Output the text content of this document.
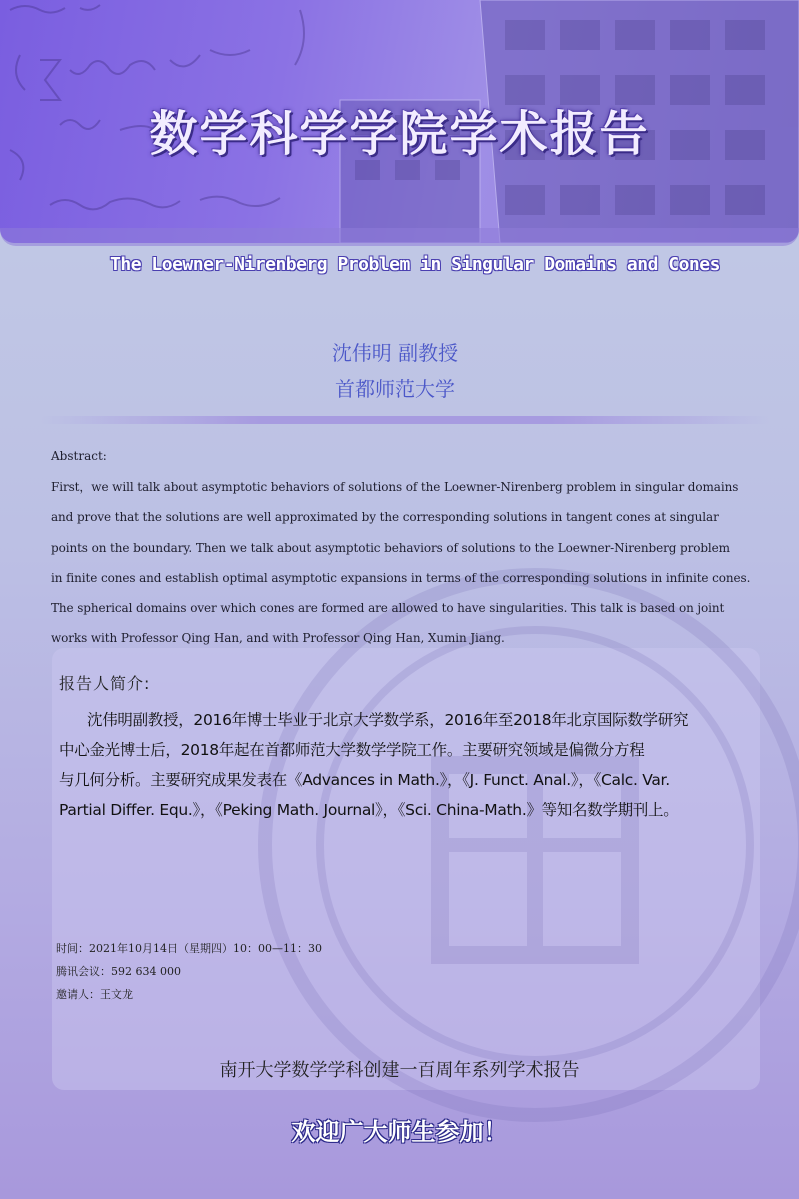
数学科学学院学术报告
The Loewner-Nirenberg Problem in Singular Domains and Cones
沈伟明 副教授
首都师范大学
Abstract:
First，we will talk about asymptotic behaviors of solutions of the Loewner-Nirenberg problem in singular domains
and prove that the solutions are well approximated by the corresponding solutions in tangent cones at singular
points on the boundary. Then we talk about asymptotic behaviors of solutions to the Loewner-Nirenberg problem
in finite cones and establish optimal asymptotic expansions in terms of the corresponding solutions in infinite cones.
The spherical domains over which cones are formed are allowed to have singularities. This talk is based on joint
works with Professor Qing Han, and with Professor Qing Han, Xumin Jiang.
报告人简介:
沈伟明副教授，2016年博士毕业于北京大学数学系，2016年至2018年北京国际数学研究
中心金光博士后，2018年起在首都师范大学数学学院工作。主要研究领域是偏微分方程
与几何分析。主要研究成果发表在《Advances in Math.》，《J. Funct. Anal.》，《Calc. Var.
Partial Differ. Equ.》，《Peking Math. Journal》，《Sci. China-Math.》等知名数学期刊上。
时间：2021年10月14日（星期四）10：00—11：30
腾讯会议：592 634 000
邀请人：王文龙
南开大学数学学科创建一百周年系列学术报告
欢迎广大师生参加！
